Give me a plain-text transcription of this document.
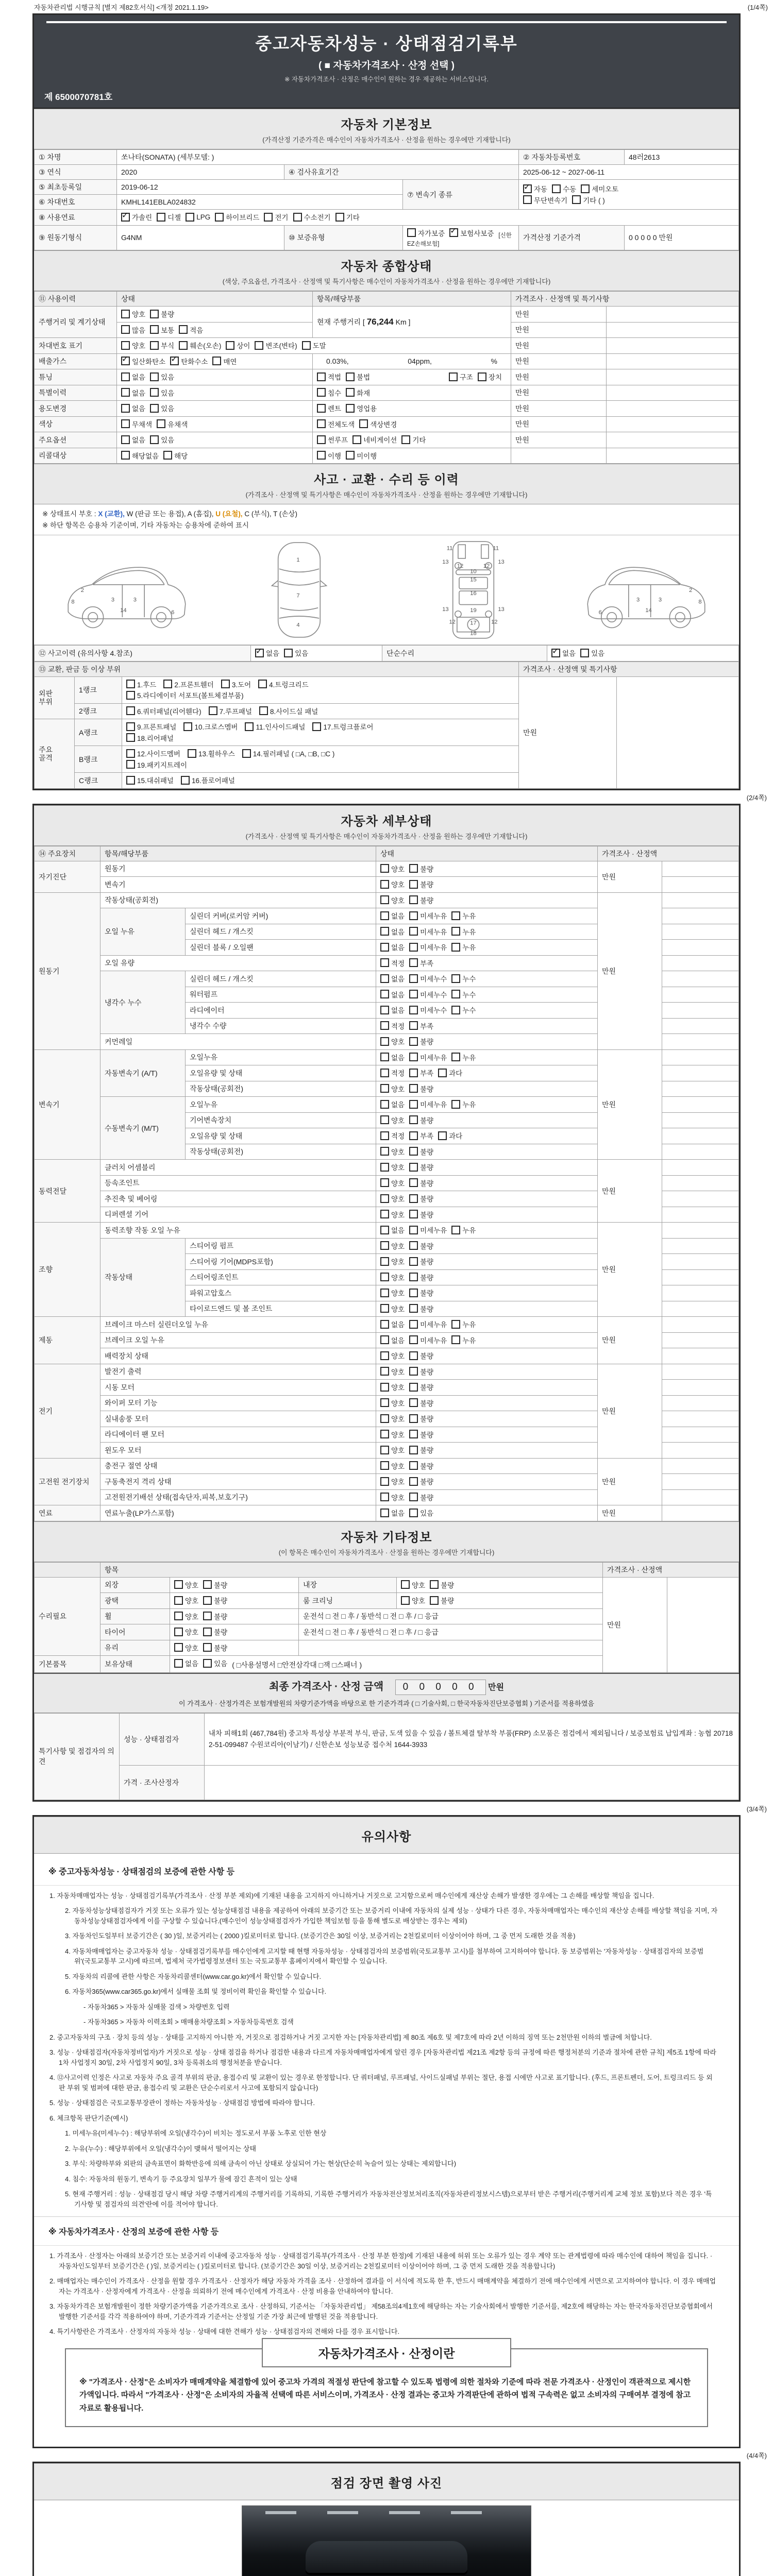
자동차관리법 시행규칙 [별지 제82호서식] <개정 2021.1.19>	(1/4쪽)
중고자동차성능 · 상태점검기록부
( ■ 자동차가격조사 · 산정 선택 )
※ 자동차가격조사 · 산정은 매수인이 원하는 경우 제공하는 서비스입니다.
제 6500070781호
자동차 기본정보
(가격산정 기준가격은 매수인이 자동차가격조사 · 산정을 원하는 경우에만 기재합니다)
① 차명	쏘나타(SONATA) (세부모델: )			② 자동차등록번호	48러2613
③ 연식	2020	④ 검사유효기간		2025-06-12 ~ 2027-06-11	
⑤ 최초등록일	2019-06-12		⑦ 변속기 종류	
✓
자동 수동 세미오토
무단변속기 기타 ( )

⑥ 차대번호	KMHL141EBLA024832				
⑧ 사용연료	
✓가솔린 디젤 LPG 하이브리드 전기 수소전기 기타
⑨ 원동기형식	G4NM	⑩ 보증유형	자가보증 ✓ 보험사보증 [신한EZ손해보험]	가격산정 기준가격	0 0 0 0 0 만원
자동차 종합상태
(색상, 주요옵션, 가격조사 · 산정액 및 특기사항은 매수인이 자동차가격조사 · 산정을 원하는 경우에만 기재합니다)
⑪ 사용이력	상태	항목/해당부품	가격조사 · 산정액 및 특기사항	
주행거리 및 계기상태	양호 불량	현재 주행거리 [ 76,244 Km ]	만원	

많음 보통 적음		만원	
차대번호 표기	양호 부식 훼손(오손) 상이 변조(변타) 도말	만원	
배출가스	
✓일산화탄소 ✓ 탄화수소 매연	0.03%, 04ppm, %	만원	
튜닝	없음 있음	적법 불법 구조 장치	만원	
특별이력	없음 있음	침수 화재	만원	
용도변경	없음 있음	렌트 영업용	만원	
색상	무채색 유채색	전체도색 색상변경	만원	
주요옵션	없음 있음	썬루프 네비게이션 기타	만원	
리콜대상	해당없음 해당	이행 미이행		
사고 · 교환 · 수리 등 이력
(가격조사 · 산정액 및 특기사항은 매수인이 자동차가격조사 · 산정을 원하는 경우에만 기재합니다)
※ 상태표시 부호 : X (교환), W (판금 또는 용접), A (흠집), U (요철), C (부식), T (손상)
※ 하단 항목은 승용차 기준이며, 기타 자동차는 승용차에 준하여 표시
2
8	3	3
14	6
1
7
4
11	11
13
12	12
13
10
15
16
13	19	13
12	17	12
18
2
8
3	3
14
6
⑫ 사고이력 (유의사항 4.참조)	
✓없음 있음	단순수리	
✓없음 있음
⑬ 교환, 판금 등 이상 부위			가격조사 · 산정액 및 특기사항	

외판
부위
	1랭크	
1.후드	2.프론트휀더	3.도어	4.트렁크리드
5.라디에이터 서포트(볼트체결부품)
	만원	
	2랭크	6.쿼터패널(리어휀다) 7.루프패널 8.사이드실 패널		

주요
골격
	A랭크	
9.프론트패널	10.크로스멤버	11.인사이드패널	17.트렁크플로어
18.리어패널

	B랭크	12.사이드멤버 13.휠하우스 14.필러패널 ( □A, □B, □C )
19.패키지트레이		

	C랭크	15.대쉬패널 16.플로어패널		
(2/4쪽)
자동차 세부상태
(가격조사 · 산정액 및 특기사항은 매수인이 자동차가격조사 · 산정을 원하는 경우에만 기재합니다)
⑭ 주요장치	항목/해당부품		상태	가격조사 · 산정액	
자기진단	원동기		양호 불량	만원	
	변속기		양호 불량		
원동기	작동상태(공회전)		양호 불량	만원	
	오일 누유	실린더 커버(로커암 커버)	없음 미세누유 누유		
		실린더 헤드 / 개스킷	없음 미세누유 누유		
		실린더 블록 / 오일팬	없음 미세누유 누유		
	오일 유량		적정 부족		
	냉각수 누수	실린더 헤드 / 개스킷	없음 미세누수 누수		
		워터펌프	없음 미세누수 누수		
		라디에이터	없음 미세누수 누수		
		냉각수 수량	적정 부족		
	커먼레일		양호 불량		
변속기	자동변속기 (A/T)	오일누유	없음 미세누유 누유	만원	
		오일유량 및 상태	적정 부족 과다		
		작동상태(공회전)	양호 불량		
	수동변속기 (M/T)	오일누유	없음 미세누유 누유		
		기어변속장치	양호 불량		
		오일유량 및 상태	적정 부족 과다		
		작동상태(공회전)	양호 불량		
동력전달	클러치 어셈블리		양호 불량	만원	
	등속조인트		양호 불량		
	추진축 및 베어링		양호 불량		
	디퍼렌셜 기어		양호 불량		
조향	동력조향 작동 오일 누유		없음 미세누유 누유	만원	
	작동상태	스티어링 펌프	양호 불량		
		스티어링 기어(MDPS포함)	양호 불량		
		스티어링조인트	양호 불량		
		파워고압호스	양호 불량		
		타이로드엔드 및 볼 조인트	양호 불량		
제동	브레이크 마스터 실린더오일 누유		없음 미세누유 누유	만원	
	브레이크 오일 누유		없음 미세누유 누유		
	배력장치 상태		양호 불량		
전기	발전기 출력		양호 불량	만원	
	시동 모터		양호 불량		
	와이퍼 모터 기능		양호 불량		
	실내송풍 모터		양호 불량		
	라디에이터 팬 모터		양호 불량		
	윈도우 모터		양호 불량		
고전원 전기장치	충전구 절연 상태		양호 불량	만원	
	구동축전지 격리 상태		양호 불량		
	고전원전기배선 상태(접속단자,피복,보호기구)		양호 불량		
연료	연료누출(LP가스포함)		없음 있음	만원	
자동차 기타정보
(이 항목은 매수인이 자동차가격조사 · 산정을 원하는 경우에만 기재합니다)
	항목				가격조사 · 산정액	
수리필요	외장	양호 불량	내장	양호 불량	만원	
	광택	양호 불량	룸 크리닝	양호 불량		
	휠	양호 불량	운전석 □ 전 □ 후 / 동반석 □ 전 □ 후 / □ 응급			
	타이어	양호 불량	운전석 □ 전 □ 후 / 동반석 □ 전 □ 후 / □ 응급			
	유리	양호 불량				
기본품목	보유상태	없음 있음 ( □사용설명서 □안전삼각대 □잭 □스패너 )				
최종 가격조사 · 산정 금액 0 0 0 0 0 만원
이 가격조사 · 산정가격은 보험개발원의 차량기준가액을 바탕으로 한 기준가격과 ( □ 기술사회, □ 한국자동차진단보증협회 ) 기준서를 적용하였음
특기사항 및 점검자의 의견	성능 · 상태점검자	내차 피해1회 (467,784원) 중고차 특성상 부분적 부식, 판금, 도색 있을 수 있음 / 볼트체결 탈부착 부품(FRP) 소모품은 점검에서 제외됩니다 / 보증보험료 납입계좌 : 농협 207182-51-099487 수원코리아(이남기) / 신한손보 성능보증 접수처 1644-3933
	가격 · 조사산정자	
(3/4쪽)
유의사항
※ 중고자동차성능 · 상태점검의 보증에 관한 사항 등
1. 자동차매매업자는 성능 · 상태점검기록부(가격조사 · 산정 부분 제외)에 기재된 내용을 고지하지 아니하거나 거짓으로 고지함으로써 매수인에게 재산상 손해가 발생한 경우에는 그 손해를 배상할 책임을 집니다.
2. 자동차성능상태점검자가 거짓 또는 오류가 있는 성능상태점검 내용을 제공하여 아래의 보증기간 또는 보증거리 이내에 자동차의 실제 성능 · 상태가 다른 경우, 자동차매매업자는 매수인의 재산상 손해를 배상할 책임을 지며, 자동차성능상태점검자에게 이를 구상할 수 있습니다.(매수인이 성능상태점검자가 가입한 책임보험 등을 통해 별도로 배상받는 경우는 제외)
3. 자동차인도일부터 보증기간은 ( 30 )일, 보증거리는 ( 2000 )킬로미터로 합니다. (보증기간은 30일 이상, 보증거리는 2천킬로미터 이상이어야 하며, 그 중 먼저 도래한 것을 적용)
4. 자동차매매업자는 중고자동차 성능 · 상태점검기록부를 매수인에게 고지할 때 현행 자동차성능 · 상태점검자의 보증범위(국토교통부 고시)를 첨부하여 고지하여야 합니다. 동 보증범위는 '자동차성능 · 상태점검자의 보증범위'(국토교통부 고시)에 따르며, 법제처 국가법령정보센터 또는 국토교통부 홈페이지에서 확인할 수 있습니다.
5. 자동차의 리콜에 관한 사항은 자동차리콜센터(www.car.go.kr)에서 확인할 수 있습니다.
6. 자동차365(www.car365.go.kr)에서 실매물 조회 및 정비이력 확인을 확인할 수 있습니다.
- 자동차365 > 자동차 실매물 검색 > 차량번호 입력
- 자동차365 > 자동차 이력조회 > 매매용차량조회 > 자동차등록번호 검색
2. 중고자동차의 구조 · 장치 등의 성능 · 상태를 고지하지 아니한 자, 거짓으로 점검하거나 거짓 고지한 자는 [자동차관리법] 제 80조 제6호 및 제7호에 따라 2년 이하의 징역 또는 2천만원 이하의 벌금에 처합니다.
3. 성능 · 상태점검자(자동차정비업자)가 거짓으로 성능 · 상태 점검을 하거나 점검한 내용과 다르게 자동차매매업자에게 알린 경우 [자동차관리법 제21조 제2항 등의 규정에 따른 행정처분의 기준과 절차에 관한 규칙] 제5조 1항에 따라 1차 사업정지 30일, 2차 사업정지 90일, 3차 등록취소의 행정처분을 받습니다.
4. ⑫사고이력 인정은 사고로 자동차 주요 골격 부위의 판금, 용접수리 및 교환이 있는 경우로 한정합니다. 단 쿼터패널, 루프패널, 사이드실패널 부위는 절단, 용접 시에만 사고로 표기합니다. (후드, 프론트펜더, 도어, 트렁크리드 등 외판 부위 및 범퍼에 대한 판금, 용접수리 및 교환은 단순수리로서 사고에 포함되지 않습니다)
5. 성능 · 상태점검은 국토교통부장관이 정하는 자동차성능 · 상태점검 방법에 따라야 합니다.
6. 체크항목 판단기준(예시)
1. 미세누유(미세누수) : 해당부위에 오일(냉각수)이 비치는 정도로서 부품 노후로 인한 현상
2. 누유(누수) : 해당부위에서 오일(냉각수)이 맺혀서 떨어지는 상태
3. 부식: 차량하부와 외판의 금속표면이 화학반응에 의해 금속이 아닌 상태로 상실되어 가는 현상(단순히 녹슬어 있는 상태는 제외합니다)
4. 침수: 자동차의 원동기, 변속기 등 주요장치 일부가 물에 잠긴 흔적이 있는 상태
5. 현재 주행거리 : 성능 · 상태점검 당시 해당 차량 주행거리계의 주행거리를 기록하되, 기록한 주행거리가 자동차전산정보처리조직(자동차관리정보시스템)으로부터 받은 주행거리(주행거리계 교체 정보 포함)보다 적은 경우 '특기사항 및 점검자의 의견'란에 이를 적어야 합니다.
※ 자동차가격조사 · 산정의 보증에 관한 사항 등
1. 가격조사 · 산정자는 아래의 보증기간 또는 보증거리 이내에 중고자동차 성능 · 상태점검기록부(가격조사 · 산정 부분 한정)에 기재된 내용에 허위 또는 오류가 있는 경우 계약 또는 관계법령에 따라 매수인에 대하여 책임을 집니다. · 자동차인도일부터 보증기간은 ( )일, 보증거리는 ( )킬로미터로 합니다. (보증기간은 30일 이상, 보증거리는 2천킬로미터 이상이어야 하며, 그 중 먼저 도래한 것을 적용합니다)
2. 매매업자는 매수인이 가격조사 · 산정을 원할 경우 가격조사 · 산정자가 해당 자동차 가격을 조사 · 산정하여 결과를 이 서식에 적도록 한 후, 반드시 매매계약을 체결하기 전에 매수인에게 서면으로 고지하여야 합니다. 이 경우 매매업자는 가격조사 · 산정자에게 가격조사 · 산정을 의뢰하기 전에 매수인에게 가격조사 · 산정 비용을 안내하여야 합니다.
3. 자동차가격은 보험개발원이 정한 차량기준가액을 기준가격으로 조사 · 산정하되, 기준서는 「자동차관리법」 제58조의4제1호에 해당하는 자는 기술사회에서 발행한 기준서를, 제2호에 해당하는 자는 한국자동차진단보증협회에서 발행한 기준서를 각각 적용하여야 하며, 기준가격과 기준서는 산정일 기준 가장 최근에 발행된 것을 적용합니다.
4. 특기사항란은 가격조사 · 산정자의 자동차 성능 · 상태에 대한 견해가 성능 · 상태점검자의 견해와 다를 경우 표시합니다.
자동차가격조사 · 산정이란
※ "가격조사 · 산정"은 소비자가 매매계약을 체결함에 있어 중고차 가격의 적절성 판단에 참고할 수 있도록 법령에 의한 절차와 기준에 따라 전문 가격조사 · 산정인이 객관적으로 제시한 가액입니다. 따라서 "가격조사 · 산정"은 소비자의 자율적 선택에 따른 서비스이며, 가격조사 · 산정 결과는 중고차 가격판단에 관하여 법적 구속력은 없고 소비자의 구매여부 결정에 참고자료로 활용됩니다.
(4/4쪽)
점검 장면 촬영 사진
